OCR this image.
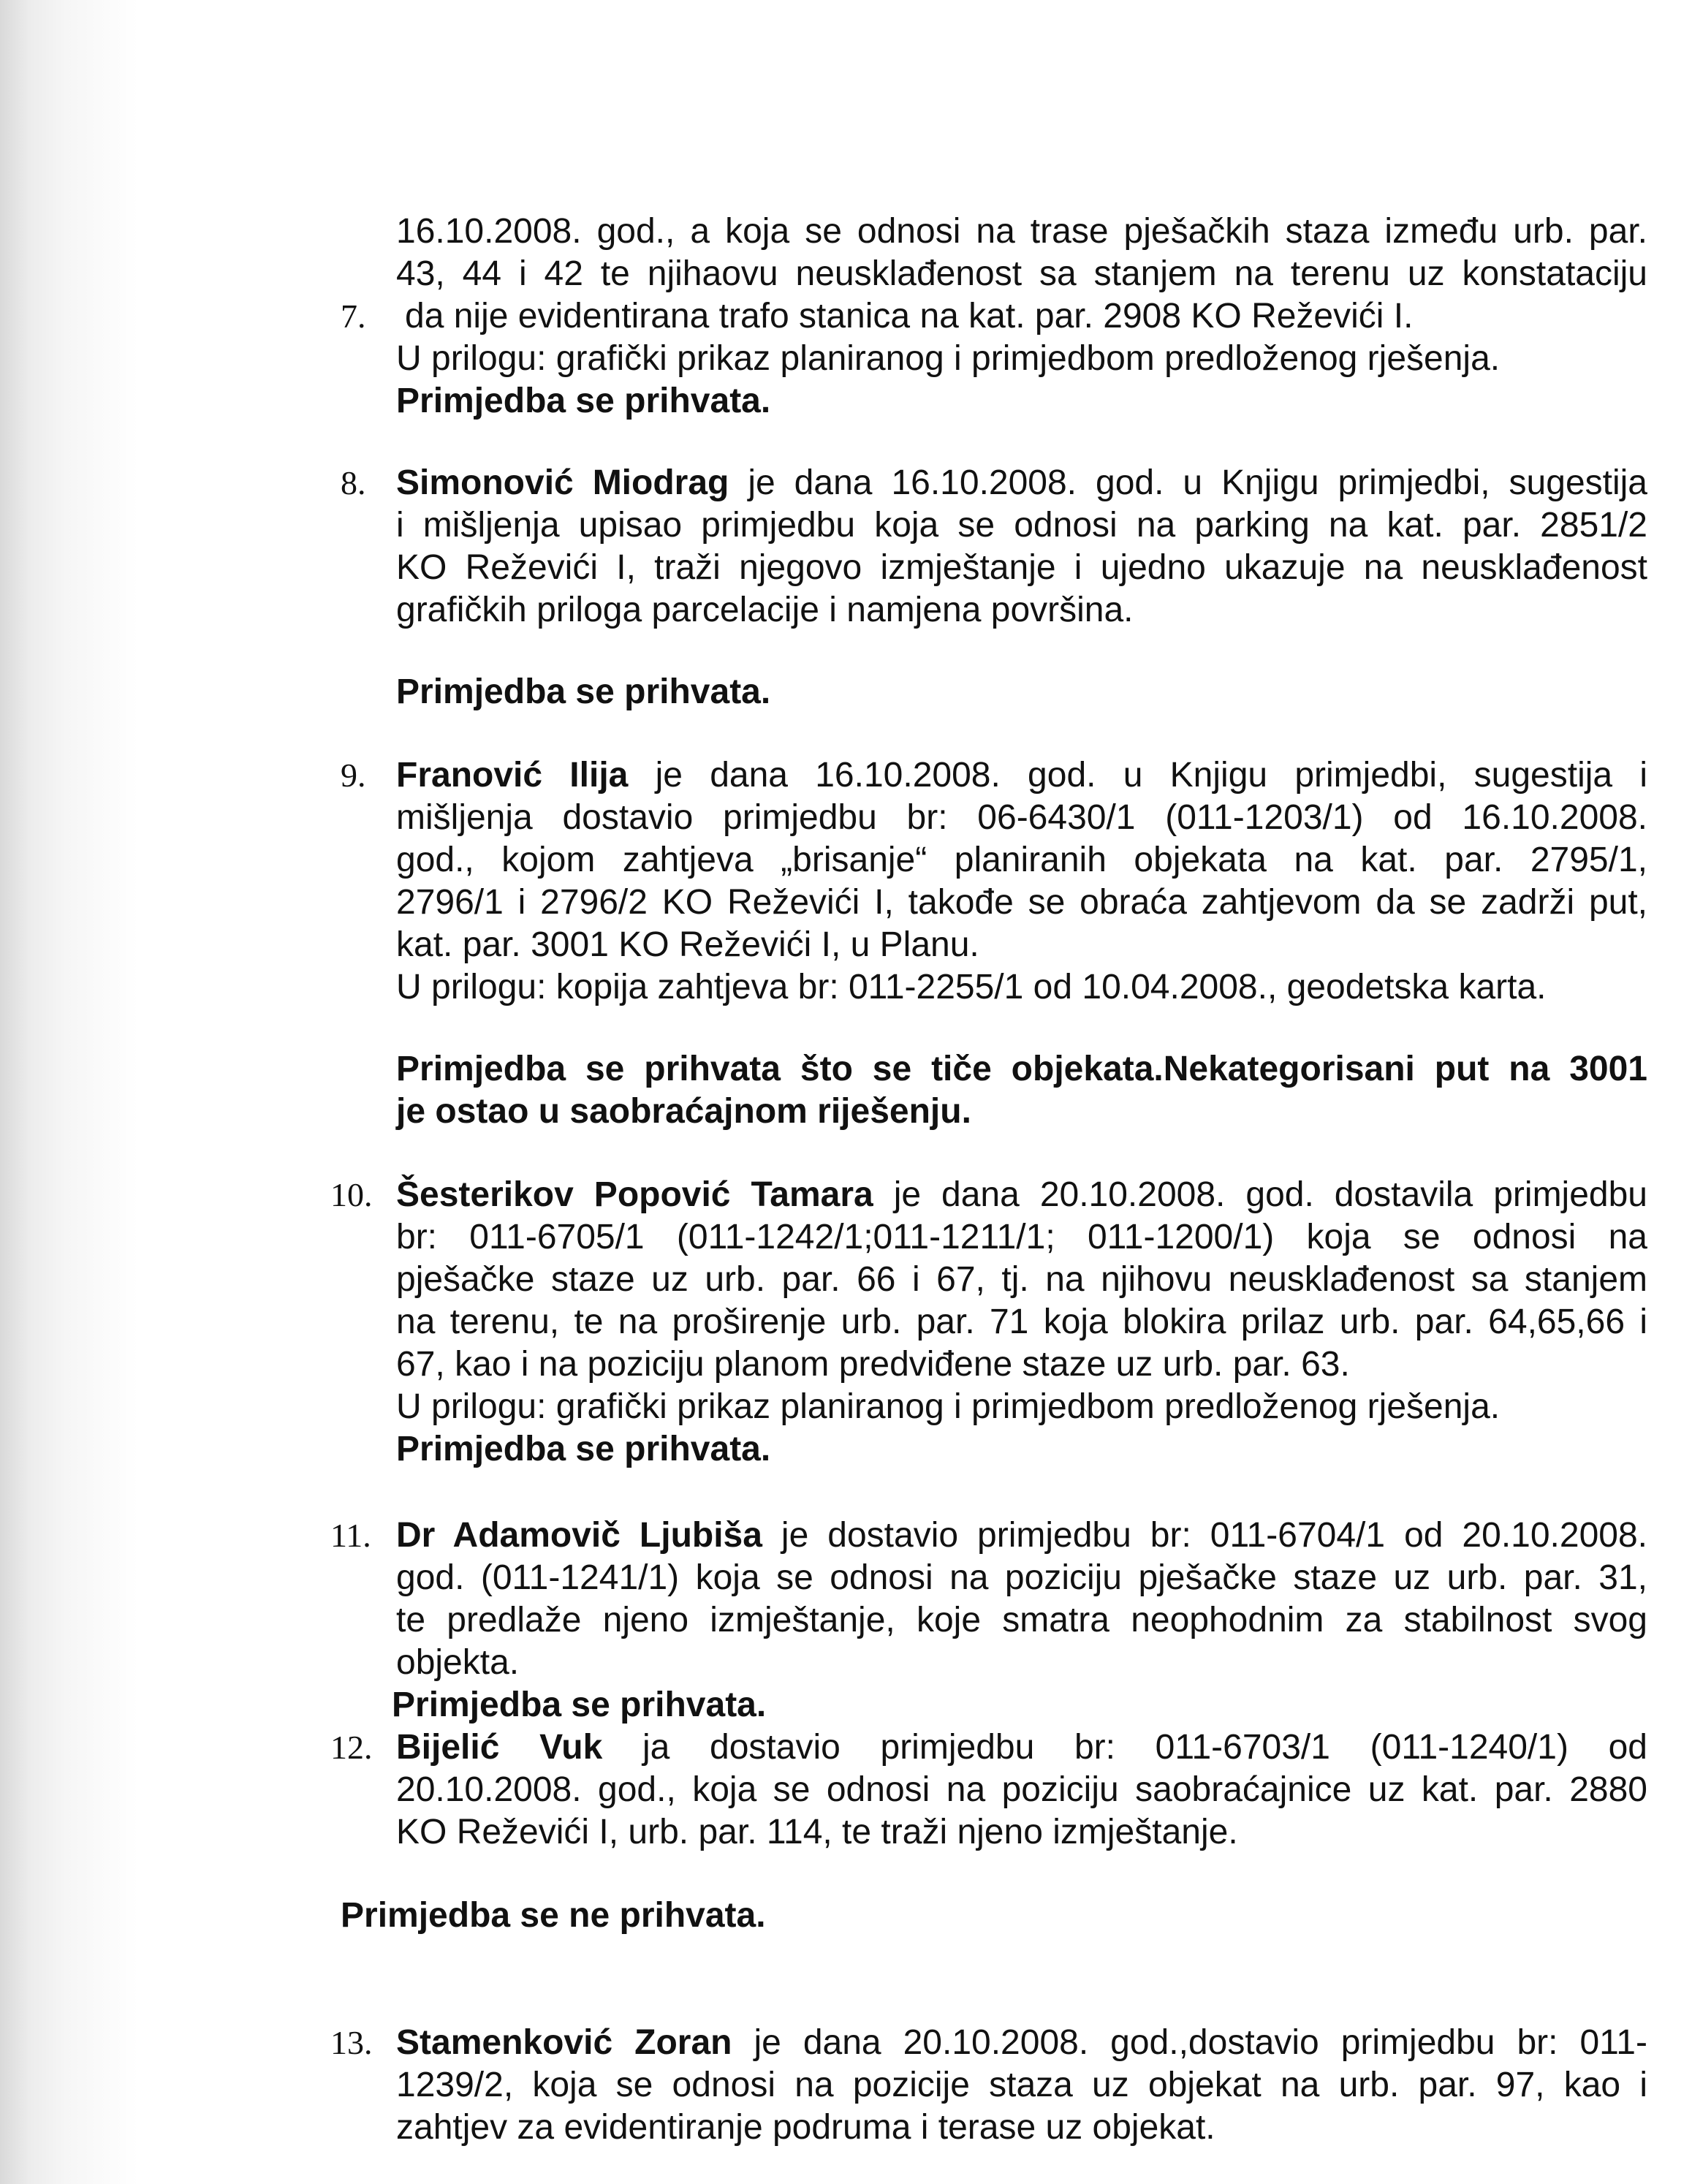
16.10.2008. god., a koja se odnosi na trase pješačkih staza između urb. par.
43, 44 i 42 te njihaovu neusklađenost sa stanjem na terenu uz konstataciju
7.	da nije evidentirana trafo stanica na kat. par. 2908 KO Reževići I.
U prilogu: grafički prikaz planiranog i primjedbom predloženog rješenja.
Primjedba se prihvata.
8. Simonović Miodrag je dana 16.10.2008. god. u Knjigu primjedbi, sugestija
i mišljenja upisao primjedbu koja se odnosi na parking na kat. par. 2851/2
KO Reževići I, traži njegovo izmještanje i ujedno ukazuje na neusklađenost
grafičkih priloga parcelacije i namjena površina.
Primjedba se prihvata.
9. Franović Ilija je dana 16.10.2008. god. u Knjigu primjedbi, sugestija i
mišljenja dostavio primjedbu br: 06-6430/1 (011-1203/1) od 16.10.2008.
god., kojom zahtjeva „brisanje“ planiranih objekata na kat. par. 2795/1,
2796/1 i 2796/2 KO Reževići I, takođe se obraća zahtjevom da se zadrži put,
kat. par. 3001 KO Reževići I, u Planu.
U prilogu: kopija zahtjeva br: 011-2255/1 od 10.04.2008., geodetska karta.
Primjedba se prihvata što se tiče objekata.Nekategorisani put na 3001
je ostao u saobraćajnom riješenju.
10. Šesterikov Popović Tamara je dana 20.10.2008. god. dostavila primjedbu
br: 011-6705/1 (011-1242/1;011-1211/1; 011-1200/1) koja se odnosi na
pješačke staze uz urb. par. 66 i 67, tj. na njihovu neusklađenost sa stanjem
na terenu, te na proširenje urb. par. 71 koja blokira prilaz urb. par. 64,65,66 i
67, kao i na poziciju planom predviđene staze uz urb. par. 63.
U prilogu: grafički prikaz planiranog i primjedbom predloženog rješenja.
Primjedba se prihvata.
11. Dr Adamovič Ljubiša je dostavio primjedbu br: 011-6704/1 od 20.10.2008.
god. (011-1241/1) koja se odnosi na poziciju pješačke staze uz urb. par. 31,
te predlaže njeno izmještanje, koje smatra neophodnim za stabilnost svog
objekta.
Primjedba se prihvata.
12. Bijelić Vuk ja dostavio primjedbu br: 011-6703/1 (011-1240/1) od
20.10.2008. god., koja se odnosi na poziciju saobraćajnice uz kat. par. 2880
KO Reževići I, urb. par. 114, te traži njeno izmještanje.
Primjedba se ne prihvata.
13. Stamenković Zoran je dana 20.10.2008. god.,dostavio primjedbu br: 011-
1239/2, koja se odnosi na pozicije staza uz objekat na urb. par. 97, kao i
zahtjev za evidentiranje podruma i terase uz objekat.
